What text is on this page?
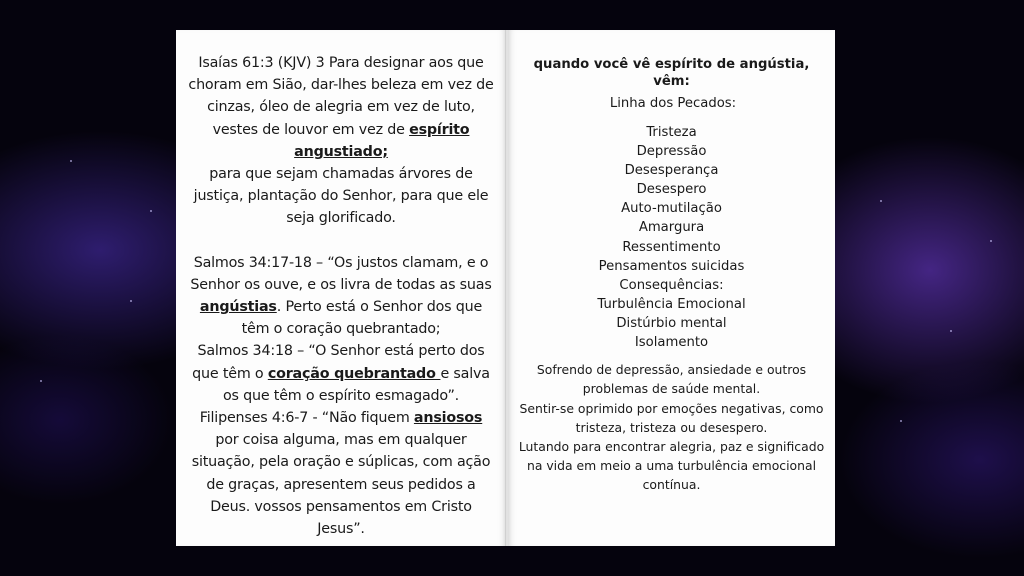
Isaías 61:3 (KJV) 3 Para designar aos que choram em Sião, dar-lhes beleza em vez de cinzas, óleo de alegria em vez de luto, vestes de louvor em vez de espírito angustiado;
para que sejam chamadas árvores de justiça, plantação do Senhor, para que ele seja glorificado.

Salmos 34:17-18 – “Os justos clamam, e o Senhor os ouve, e os livra de todas as suas angústias. Perto está o Senhor dos que têm o coração quebrantado;

Salmos 34:18 – “O Senhor está perto dos que têm o coração quebrantado e salva os que têm o espírito esmagado”.

Filipenses 4:6-7 - “Não fiquem ansiosos por coisa alguma, mas em qualquer situação, pela oração e súplicas, com ação de graças, apresentem seus pedidos a Deus. vossos pensamentos em Cristo Jesus”.

quando você vê espírito de angústia, vêm:
Linha dos Pecados:
Tristeza
Depressão
Desesperança
Desespero
Auto-mutilação
Amargura
Ressentimento
Pensamentos suicidas
Consequências:
Turbulência Emocional
Distúrbio mental
Isolamento
Sofrendo de depressão, ansiedade e outros problemas de saúde mental.
Sentir-se oprimido por emoções negativas, como tristeza, tristeza ou desespero.
Lutando para encontrar alegria, paz e significado na vida em meio a uma turbulência emocional contínua.
